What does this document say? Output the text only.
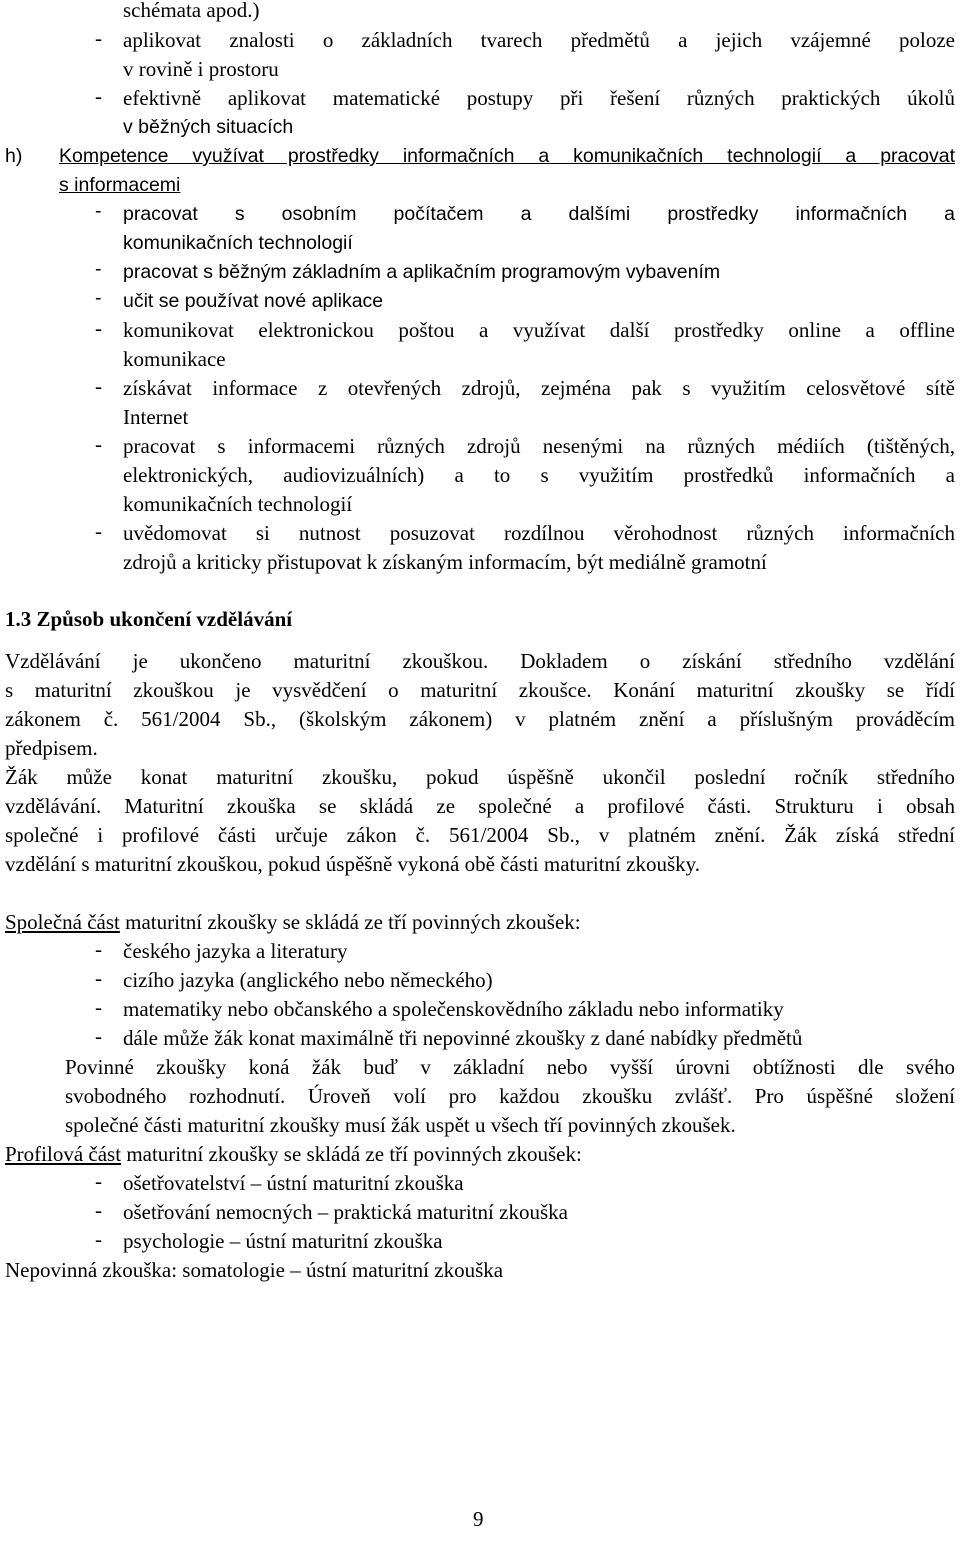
schémata apod.)
- aplikovat znalosti o základních tvarech předmětů a jejich vzájemné poloze
v rovině i prostoru
- efektivně aplikovat matematické postupy při řešení různých praktických úkolů
v běžných situacích
h) Kompetence využívat prostředky informačních a komunikačních technologií a pracovat
s informacemi
- pracovat s osobním počítačem a dalšími prostředky informačních a
komunikačních technologií
- pracovat s běžným základním a aplikačním programovým vybavením
- učit se používat nové aplikace
- komunikovat elektronickou poštou a využívat další prostředky online a offline
komunikace
- získávat informace z otevřených zdrojů, zejména pak s využitím celosvětové sítě
Internet
- pracovat s informacemi různých zdrojů nesenými na různých médiích (tištěných,
elektronických, audiovizuálních) a to s využitím prostředků informačních a
komunikačních technologií
- uvědomovat si nutnost posuzovat rozdílnou věrohodnost různých informačních
zdrojů a kriticky přistupovat k získaným informacím, být mediálně gramotní
1.3 Způsob ukončení vzdělávání
Vzdělávání je ukončeno maturitní zkouškou. Dokladem o získání středního vzdělání
s maturitní zkouškou je vysvědčení o maturitní zkoušce. Konání maturitní zkoušky se řídí
zákonem č. 561/2004 Sb., (školským zákonem) v platném znění a příslušným prováděcím
předpisem.
Žák může konat maturitní zkoušku, pokud úspěšně ukončil poslední ročník středního
vzdělávání. Maturitní zkouška se skládá ze společné a profilové části. Strukturu i obsah
společné i profilové části určuje zákon č. 561/2004 Sb., v platném znění. Žák získá střední
vzdělání s maturitní zkouškou, pokud úspěšně vykoná obě části maturitní zkoušky.
Společná část maturitní zkoušky se skládá ze tří povinných zkoušek:
- českého jazyka a literatury
- cizího jazyka (anglického nebo německého)
- matematiky nebo občanského a společenskovědního základu nebo informatiky
- dále může žák konat maximálně tři nepovinné zkoušky z dané nabídky předmětů
Povinné zkoušky koná žák buď v základní nebo vyšší úrovni obtížnosti dle svého
svobodného rozhodnutí. Úroveň volí pro každou zkoušku zvlášť. Pro úspěšné složení
společné části maturitní zkoušky musí žák uspět u všech tří povinných zkoušek.
Profilová část maturitní zkoušky se skládá ze tří povinných zkoušek:
- ošetřovatelství – ústní maturitní zkouška
- ošetřování nemocných – praktická maturitní zkouška
- psychologie – ústní maturitní zkouška
Nepovinná zkouška: somatologie – ústní maturitní zkouška
9
